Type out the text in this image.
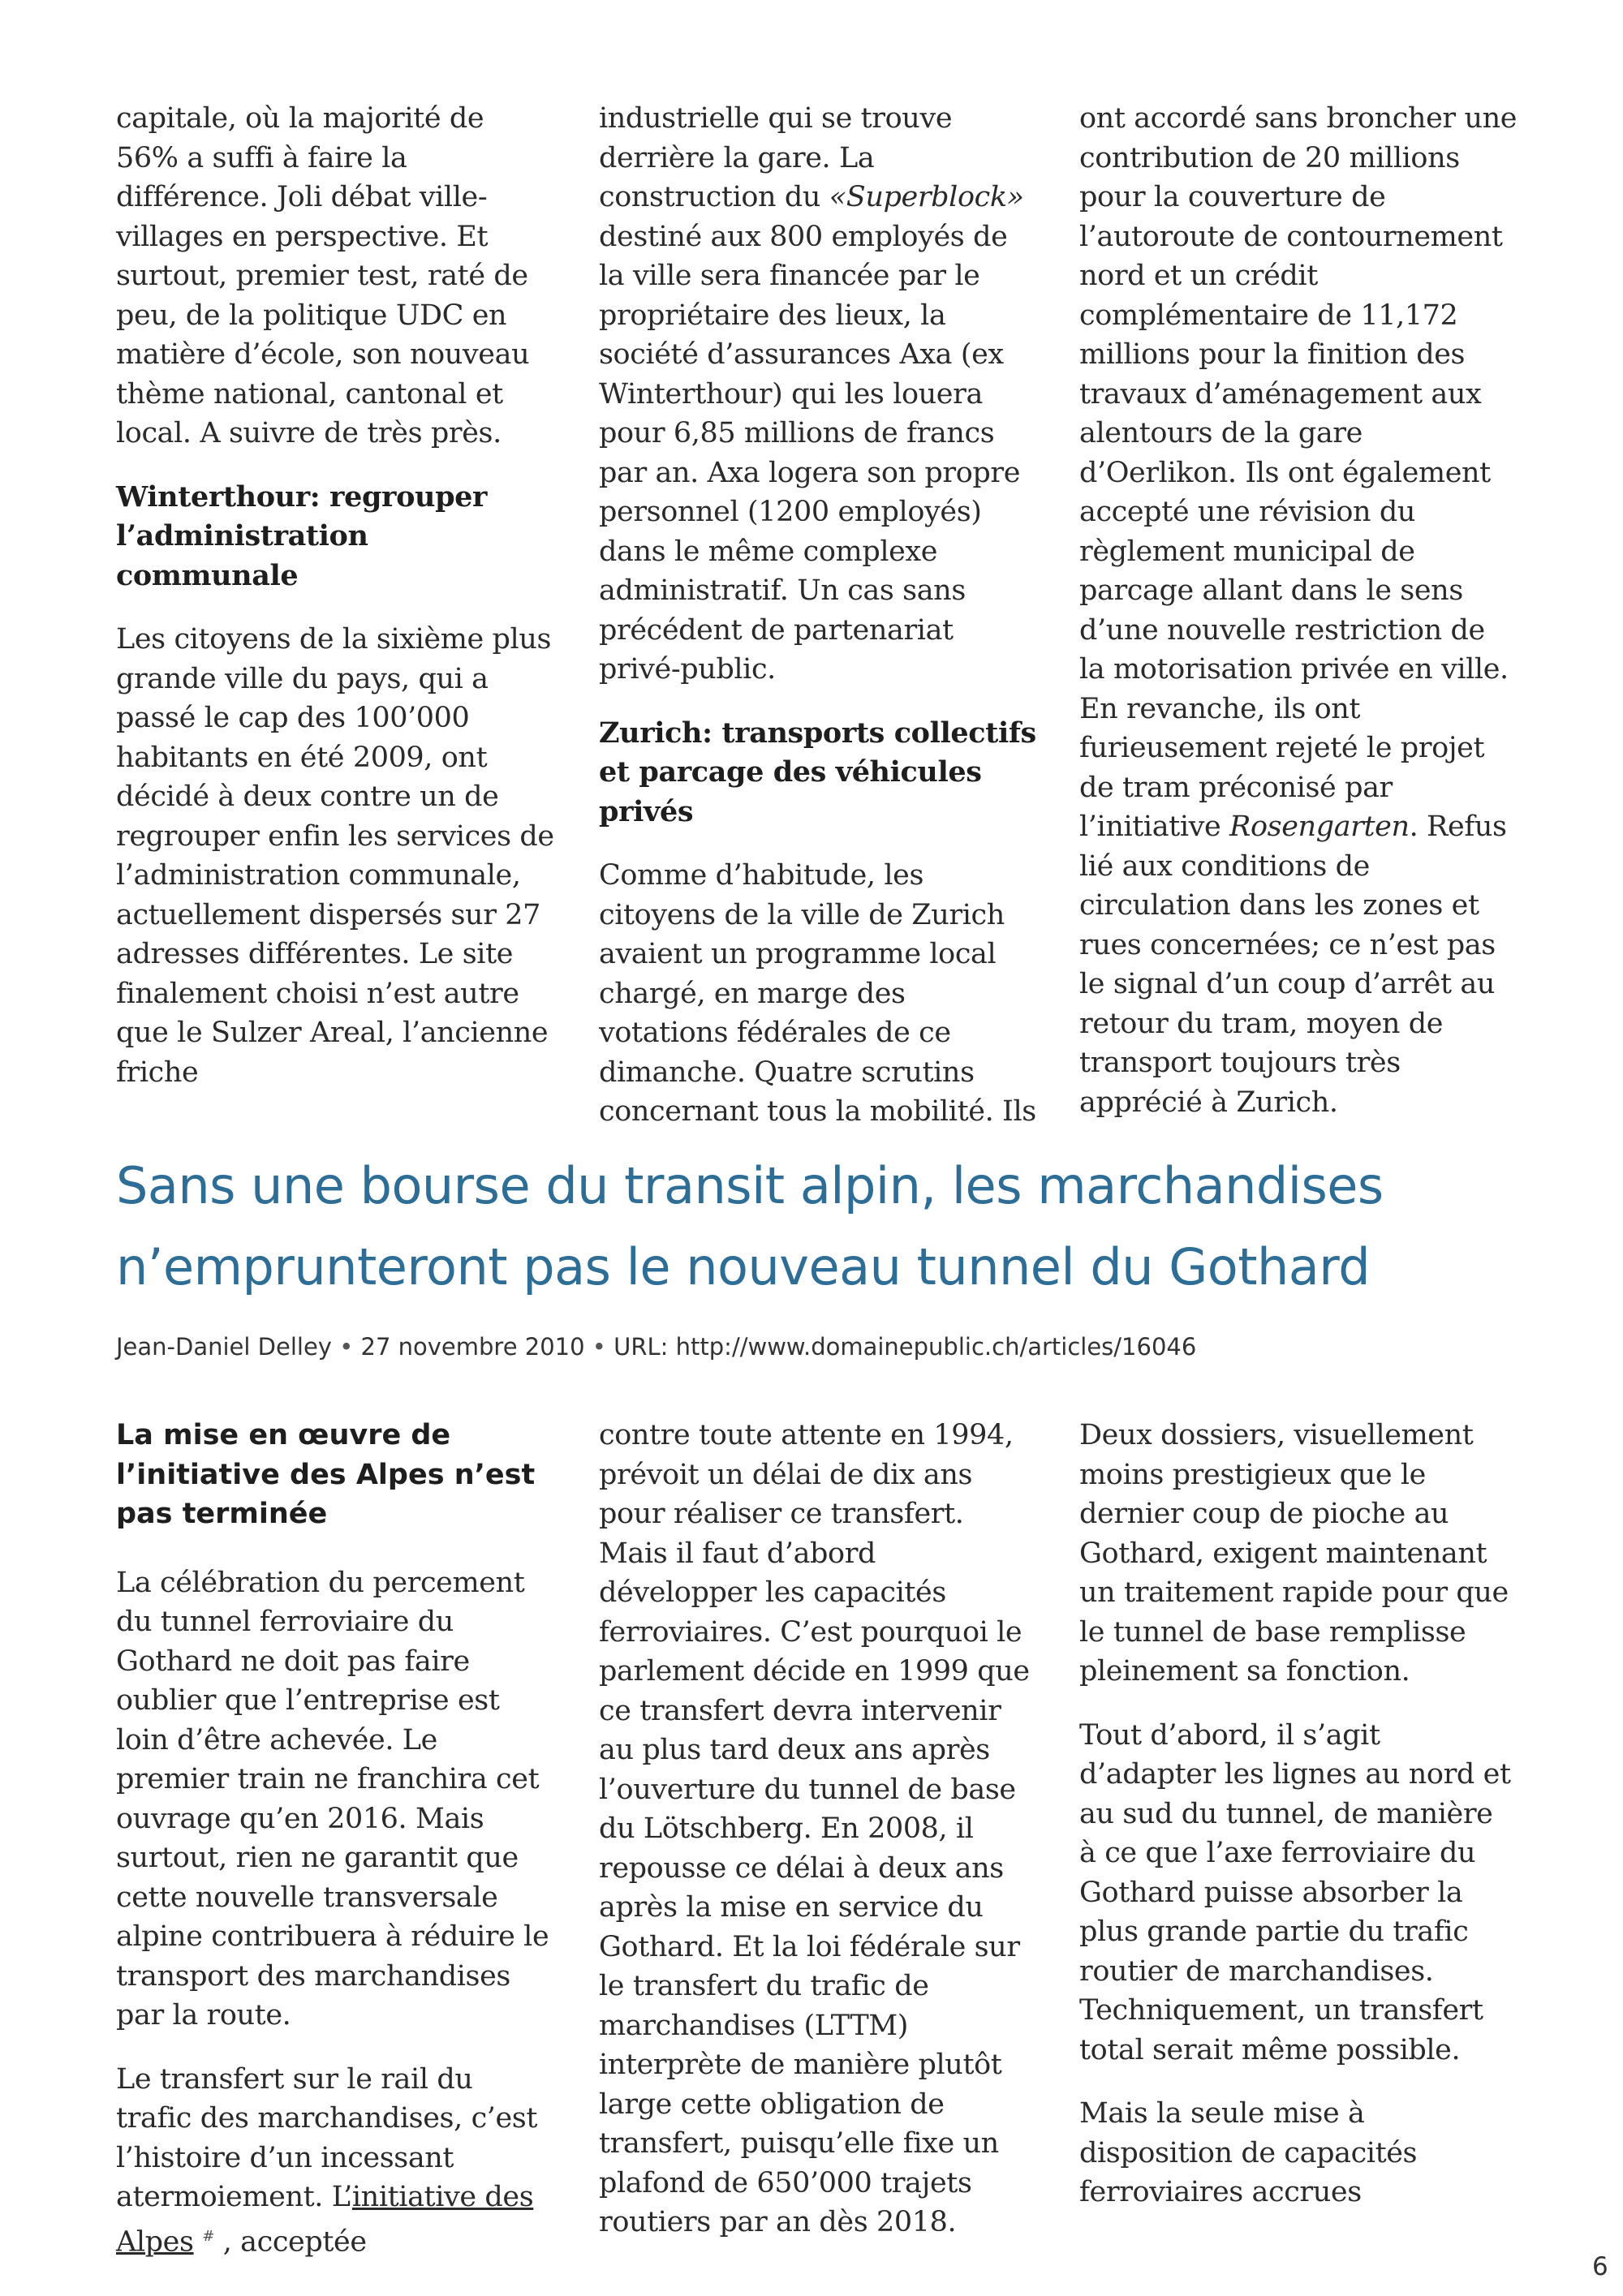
capitale, où la majorité de 56% a suffi à faire la différence. Joli débat ville-villages en perspective. Et surtout, premier test, raté de peu, de la politique UDC en matière d’école, son nouveau thème national, cantonal et local. A suivre de très près.

Winterthour: regrouper l’administration communale

Les citoyens de la sixième plus grande ville du pays, qui a passé le cap des 100’000 habitants en été 2009, ont décidé à deux contre un de regrouper enfin les services de l’administration communale, actuellement dispersés sur 27 adresses différentes. Le site finalement choisi n’est autre que le Sulzer Areal, l’ancienne friche

industrielle qui se trouve derrière la gare. La construction du «Superblock» destiné aux 800 employés de la ville sera financée par le propriétaire des lieux, la société d’assurances Axa (ex Winterthour) qui les louera pour 6,85 millions de francs par an. Axa logera son propre personnel (1200 employés) dans le même complexe administratif. Un cas sans précédent de partenariat privé-public.

Zurich: transports collectifs et parcage des véhicules privés

Comme d’habitude, les citoyens de la ville de Zurich avaient un programme local chargé, en marge des votations fédérales de ce dimanche. Quatre scrutins concernant tous la mobilité. Ils

ont accordé sans broncher une contribution de 20 millions pour la couverture de l’autoroute de contournement nord et un crédit complémentaire de 11,172 millions pour la finition des travaux d’aménagement aux alentours de la gare d’Oerlikon. Ils ont également accepté une révision du règlement municipal de parcage allant dans le sens d’une nouvelle restriction de la motorisation privée en ville. En revanche, ils ont furieusement rejeté le projet de tram préconisé par l’initiative Rosengarten. Refus lié aux conditions de circulation dans les zones et rues concernées; ce n’est pas le signal d’un coup d’arrêt au retour du tram, moyen de transport toujours très apprécié à Zurich.

Sans une bourse du transit alpin, les marchandises n’emprunteront pas le nouveau tunnel du Gothard
Jean-Daniel Delley • 27 novembre 2010 • URL: http://www.domainepublic.ch/articles/16046
La mise en œuvre de l’initiative des Alpes n’est pas terminée

La célébration du percement du tunnel ferroviaire du Gothard ne doit pas faire oublier que l’entreprise est loin d’être achevée. Le premier train ne franchira cet ouvrage qu’en 2016. Mais surtout, rien ne garantit que cette nouvelle transversale alpine contribuera à réduire le transport des marchandises par la route.

Le transfert sur le rail du trafic des marchandises, c’est l’histoire d’un incessant atermoiement. L’initiative des Alpes # , acceptée

contre toute attente en 1994, prévoit un délai de dix ans pour réaliser ce transfert. Mais il faut d’abord développer les capacités ferroviaires. C’est pourquoi le parlement décide en 1999 que ce transfert devra intervenir au plus tard deux ans après l’ouverture du tunnel de base du Lötschberg. En 2008, il repousse ce délai à deux ans après la mise en service du Gothard. Et la loi fédérale sur le transfert du trafic de marchandises (LTTM) interprète de manière plutôt large cette obligation de transfert, puisqu’elle fixe un plafond de 650’000 trajets routiers par an dès 2018.

Deux dossiers, visuellement moins prestigieux que le dernier coup de pioche au Gothard, exigent maintenant un traitement rapide pour que le tunnel de base remplisse pleinement sa fonction.

Tout d’abord, il s’agit d’adapter les lignes au nord et au sud du tunnel, de manière à ce que l’axe ferroviaire du Gothard puisse absorber la plus grande partie du trafic routier de marchandises. Techniquement, un transfert total serait même possible.

Mais la seule mise à disposition de capacités ferroviaires accrues

6
